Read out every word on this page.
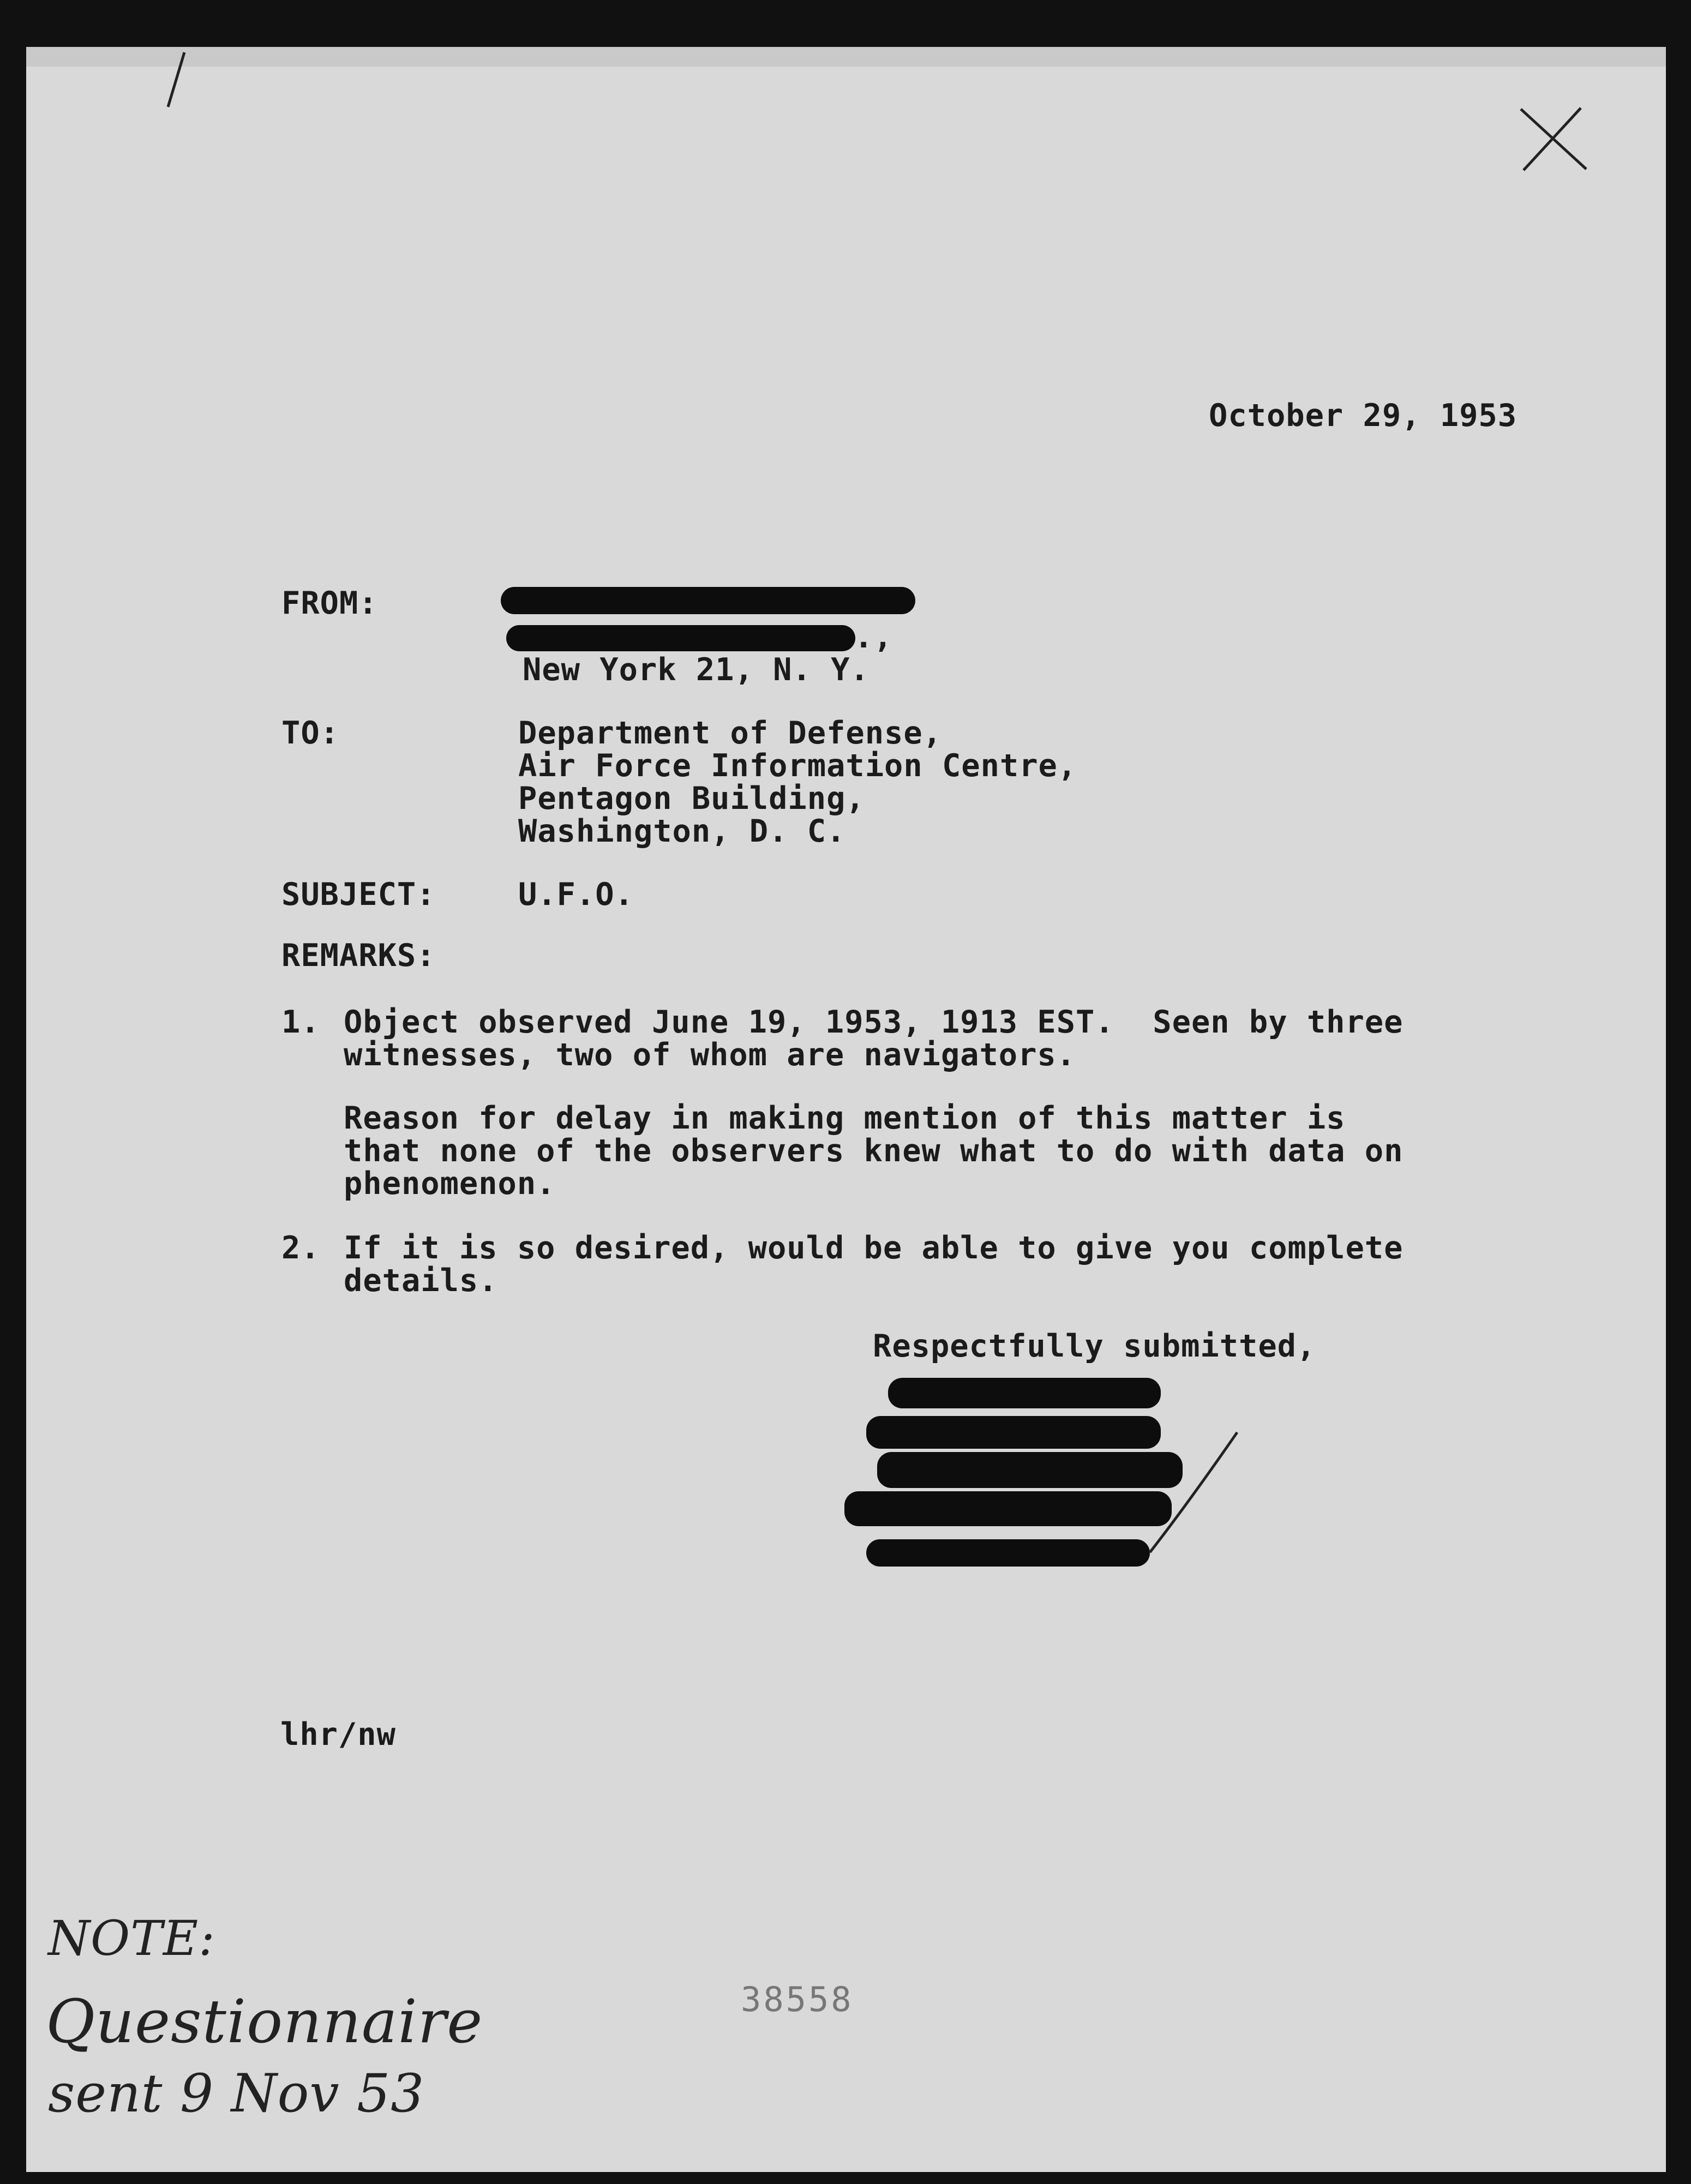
October 29, 1953
FROM:
.,
New York 21, N. Y.
TO:	Department of Defense,
Air Force Information Centre,
Pentagon Building,
Washington, D. C.
SUBJECT:	U.F.O.
REMARKS:
1. Object observed June 19, 1953, 1913 EST.  Seen by three
witnesses, two of whom are navigators.
Reason for delay in making mention of this matter is
that none of the observers knew what to do with data on
phenomenon.
2. If it is so desired, would be able to give you complete
details.
Respectfully submitted,
lhr/nw
NOTE:
Questionnaire
sent 9 Nov 53
38558
